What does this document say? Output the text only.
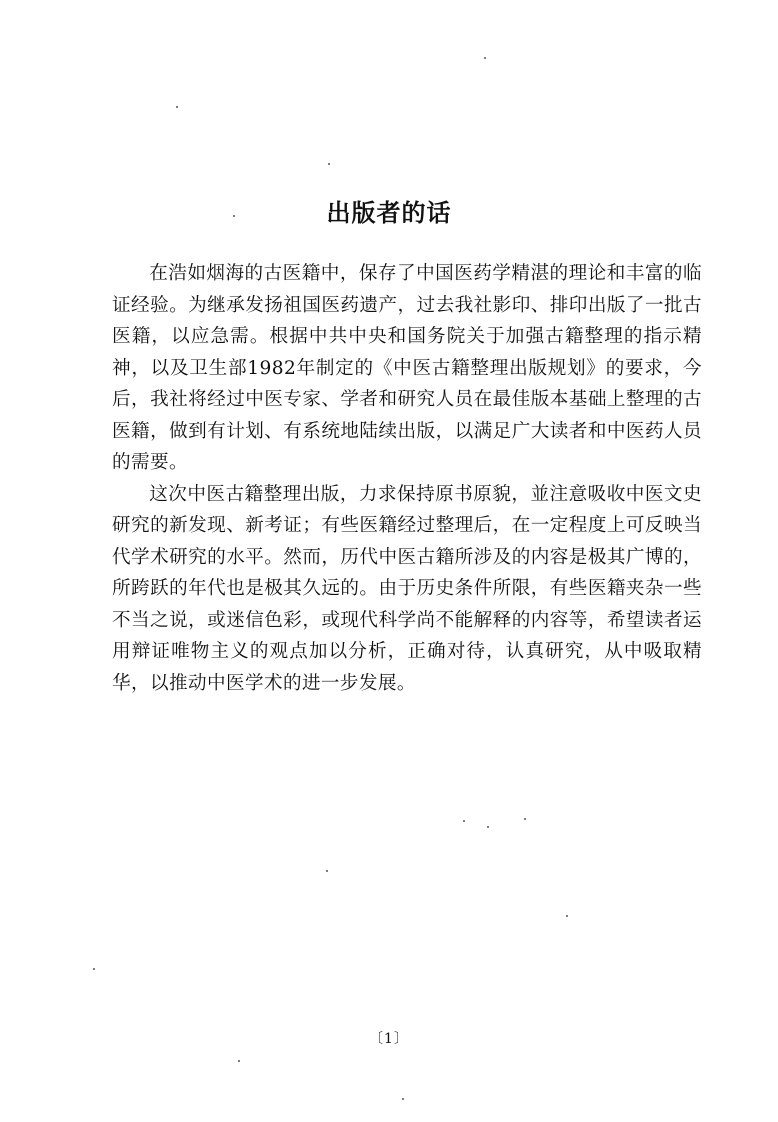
出版者的话

在浩如烟海的古医籍中，保存了中国医药学精湛的理论和丰富的临证经验。为继承发扬祖国医药遗产，过去我社影印、排印出版了一批古医籍，以应急需。根据中共中央和国务院关于加强古籍整理的指示精神，以及卫生部1982年制定的《中医古籍整理出版规划》的要求，今后，我社将经过中医专家、学者和研究人员在最佳版本基础上整理的古医籍，做到有计划、有系统地陆续出版，以满足广大读者和中医药人员的需要。

这次中医古籍整理出版，力求保持原书原貌，並注意吸收中医文史研究的新发现、新考证；有些医籍经过整理后，在一定程度上可反映当代学术研究的水平。然而，历代中医古籍所涉及的内容是极其广博的，所跨跃的年代也是极其久远的。由于历史条件所限，有些医籍夹杂一些不当之说，或迷信色彩，或现代科学尚不能解释的内容等，希望读者运用辩证唯物主义的观点加以分析，正确对待，认真研究，从中吸取精华，以推动中医学术的进一步发展。

〔1〕
